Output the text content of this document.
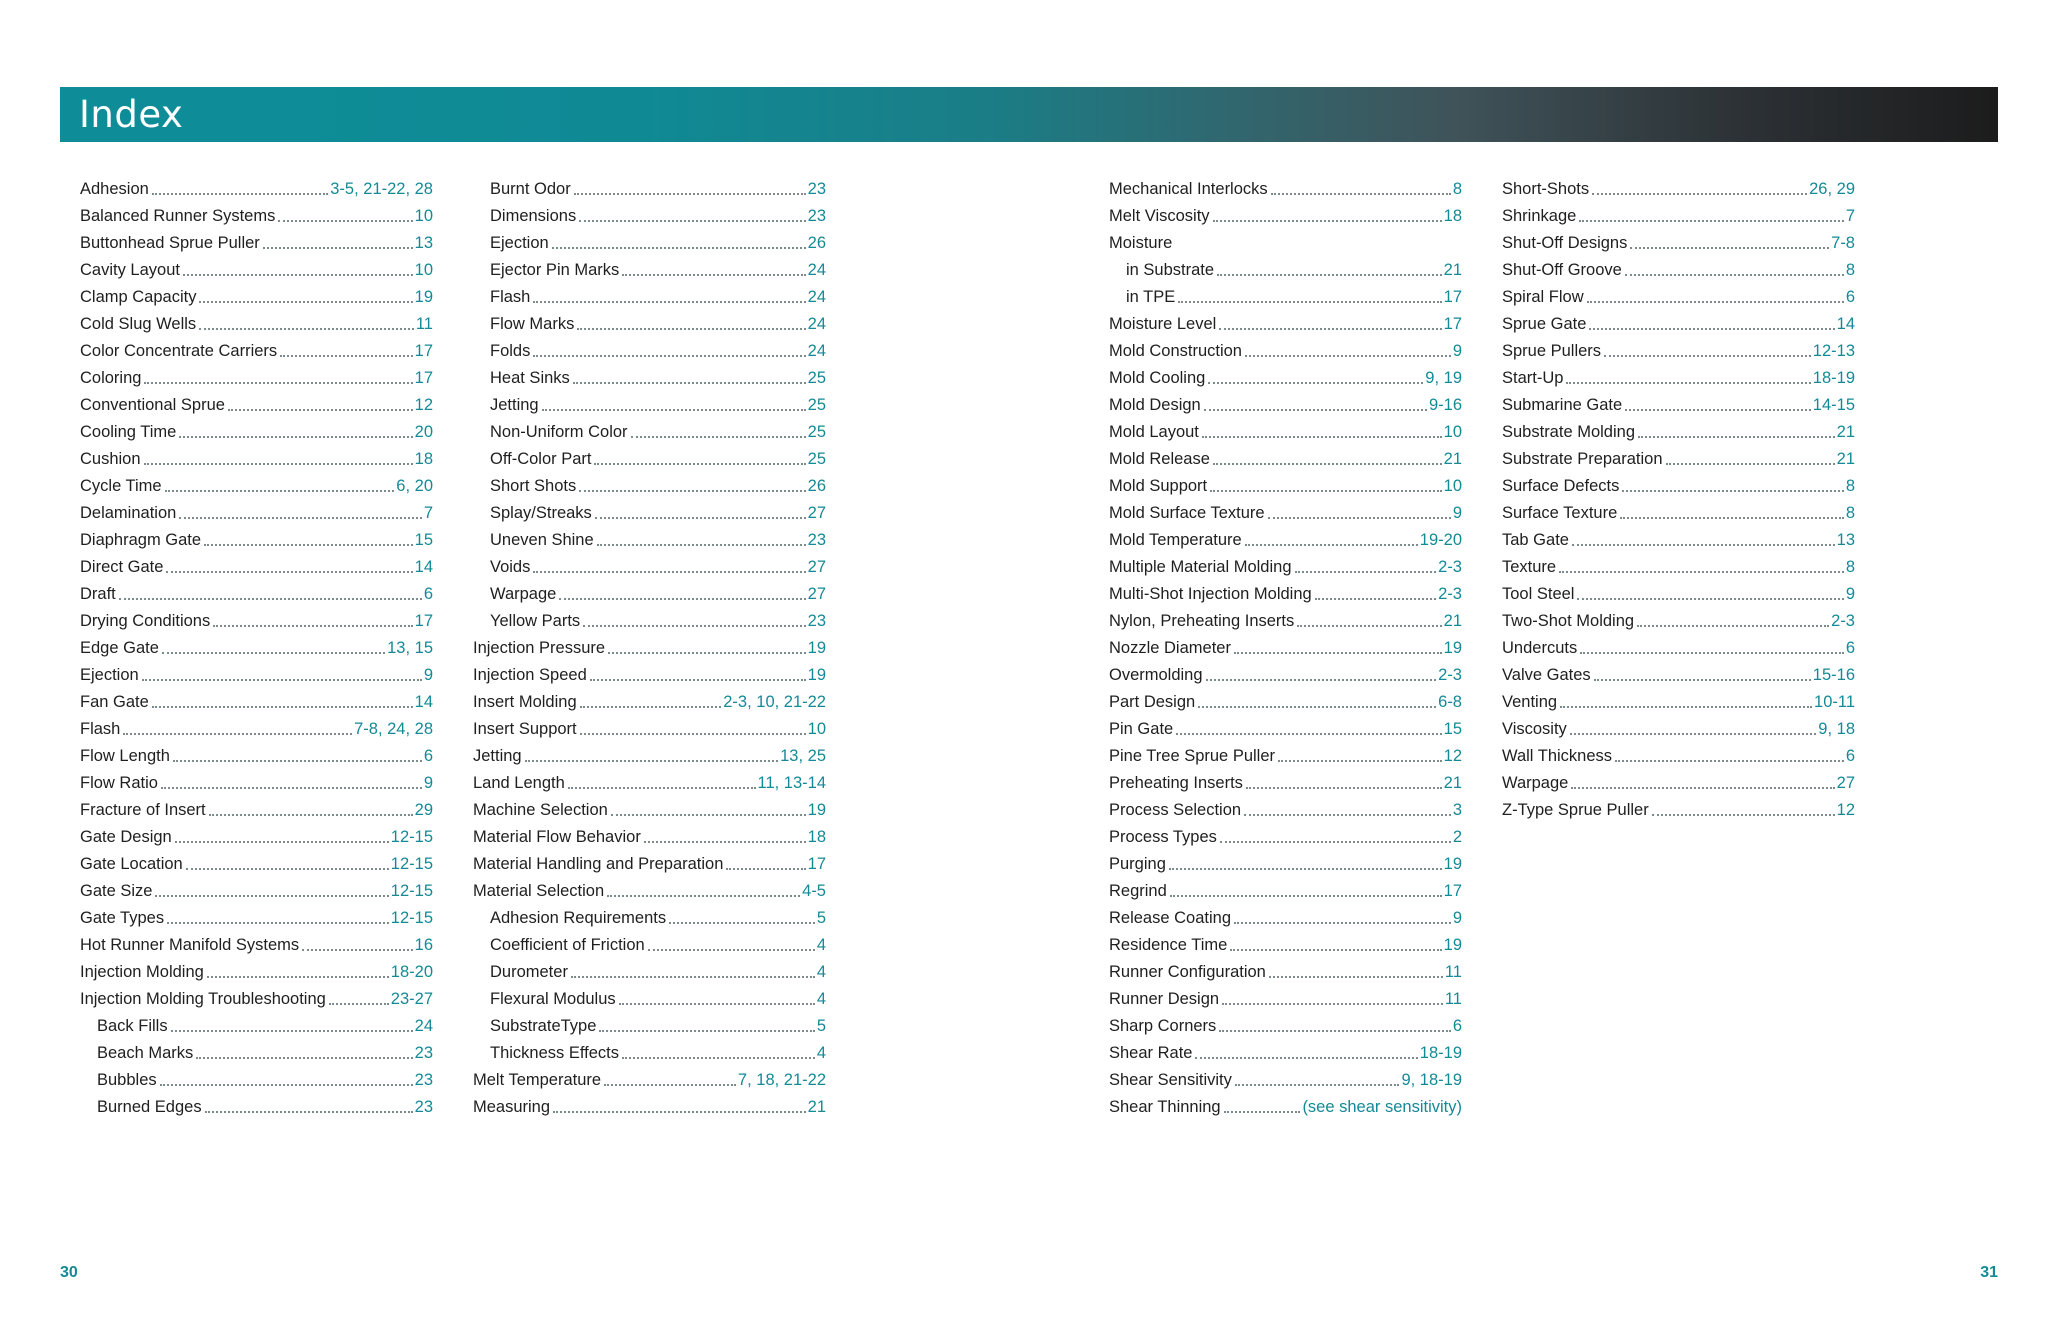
Index
Adhesion	3-5, 21-22, 28
Balanced Runner Systems	10
Buttonhead Sprue Puller	13
Cavity Layout	10
Clamp Capacity	19
Cold Slug Wells	11
Color Concentrate Carriers	17
Coloring	17
Conventional Sprue	12
Cooling Time	20
Cushion	18
Cycle Time	6, 20
Delamination	7
Diaphragm Gate	15
Direct Gate	14
Draft	6
Drying Conditions	17
Edge Gate	13, 15
Ejection	9
Fan Gate	14
Flash	7-8, 24, 28
Flow Length	6
Flow Ratio	9
Fracture of Insert	29
Gate Design	12-15
Gate Location	12-15
Gate Size	12-15
Gate Types	12-15
Hot Runner Manifold Systems	16
Injection Molding	18-20
Injection Molding Troubleshooting	23-27
Back Fills	24
Beach Marks	23
Bubbles	23
Burned Edges	23
Burnt Odor	23
Dimensions	23
Ejection	26
Ejector Pin Marks	24
Flash	24
Flow Marks	24
Folds	24
Heat Sinks	25
Jetting	25
Non-Uniform Color	25
Off-Color Part	25
Short Shots	26
Splay/Streaks	27
Uneven Shine	23
Voids	27
Warpage	27
Yellow Parts	23
Injection Pressure	19
Injection Speed	19
Insert Molding	2-3, 10, 21-22
Insert Support	10
Jetting	13, 25
Land Length	11, 13-14
Machine Selection	19
Material Flow Behavior	18
Material Handling and Preparation	17
Material Selection	4-5
Adhesion Requirements	5
Coefficient of Friction	4
Durometer	4
Flexural Modulus	4
SubstrateType	5
Thickness Effects	4
Melt Temperature	7, 18, 21-22
Measuring	21
Mechanical Interlocks	8
Melt Viscosity	18
Moisture
in Substrate	21
in TPE	17
Moisture Level	17
Mold Construction	9
Mold Cooling	9, 19
Mold Design	9-16
Mold Layout	10
Mold Release	21
Mold Support	10
Mold Surface Texture	9
Mold Temperature	19-20
Multiple Material Molding	2-3
Multi-Shot Injection Molding	2-3
Nylon, Preheating Inserts	21
Nozzle Diameter	19
Overmolding	2-3
Part Design	6-8
Pin Gate	15
Pine Tree Sprue Puller	12
Preheating Inserts	21
Process Selection	3
Process Types	2
Purging	19
Regrind	17
Release Coating	9
Residence Time	19
Runner Configuration	11
Runner Design	11
Sharp Corners	6
Shear Rate	18-19
Shear Sensitivity	9, 18-19
Shear Thinning	(see shear sensitivity)
Short-Shots	26, 29
Shrinkage	7
Shut-Off Designs	7-8
Shut-Off Groove	8
Spiral Flow	6
Sprue Gate	14
Sprue Pullers	12-13
Start-Up	18-19
Submarine Gate	14-15
Substrate Molding	21
Substrate Preparation	21
Surface Defects	8
Surface Texture	8
Tab Gate	13
Texture	8
Tool Steel	9
Two-Shot Molding	2-3
Undercuts	6
Valve Gates	15-16
Venting	10-11
Viscosity	9, 18
Wall Thickness	6
Warpage	27
Z-Type Sprue Puller	12
30	31
